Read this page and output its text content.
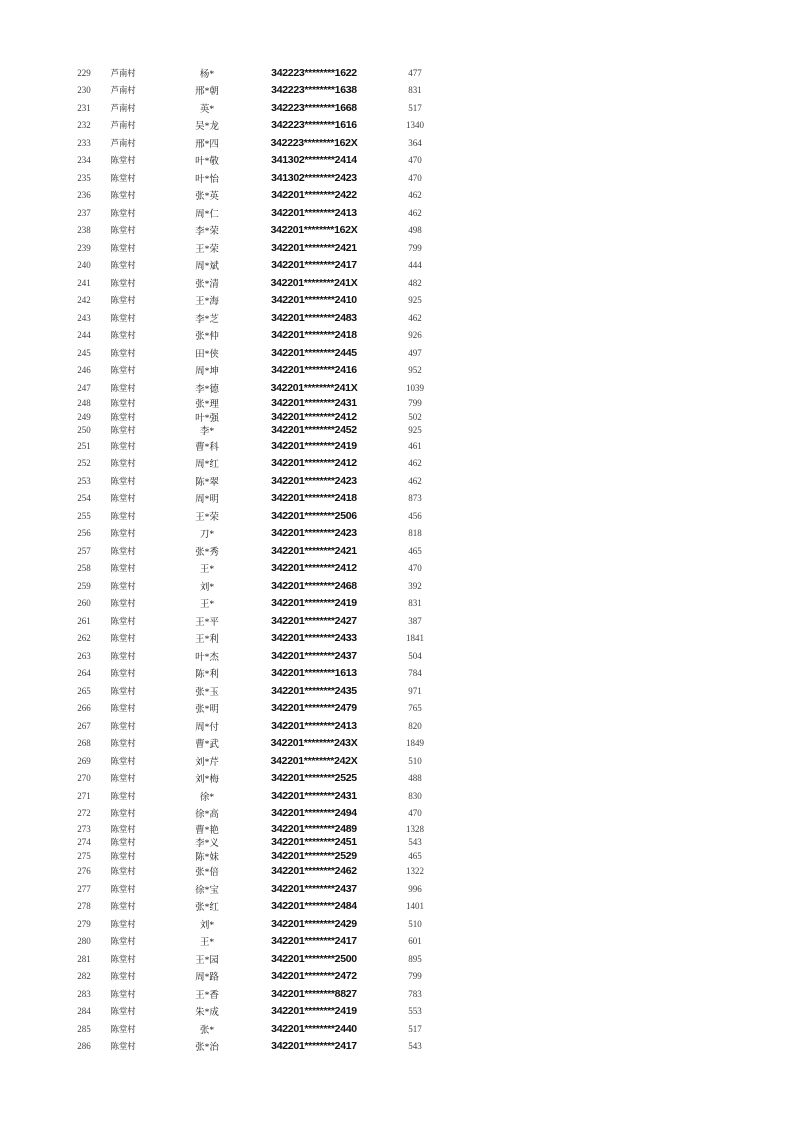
229 芦南村	杨*	342223********1622	477
230 芦南村	邢*朝	342223********1638	831
231 芦南村	英*	342223********1668	517
232 芦南村	吴*龙	342223********1616	1340
233 芦南村	邢*四	342223********162X	364
234 陈堂村	叶*敬	341302********2414	470
235 陈堂村	叶*怡	341302********2423	470
236 陈堂村	张*英	342201********2422	462
237 陈堂村	周*仁	342201********2413	462
238 陈堂村	李*荣	342201********162X	498
239 陈堂村	王*荣	342201********2421	799
240 陈堂村	周*斌	342201********2417	444
241 陈堂村	张*清	342201********241X	482
242 陈堂村	王*海	342201********2410	925
243 陈堂村	李*芝	342201********2483	462
244 陈堂村	张*仲	342201********2418	926
245 陈堂村	田*侠	342201********2445	497
246 陈堂村	周*坤	342201********2416	952
247 陈堂村	李*德	342201********241X	1039
248 陈堂村	张*理	342201********2431	799
249 陈堂村	叶*强	342201********2412	502
250 陈堂村	李*	342201********2452	925
251 陈堂村	曹*科	342201********2419	461
252 陈堂村	周*红	342201********2412	462
253 陈堂村	陈*翠	342201********2423	462
254 陈堂村	周*明	342201********2418	873
255 陈堂村	王*荣	342201********2506	456
256 陈堂村	刀*	342201********2423	818
257 陈堂村	张*秀	342201********2421	465
258 陈堂村	王*	342201********2412	470
259 陈堂村	刘*	342201********2468	392
260 陈堂村	王*	342201********2419	831
261 陈堂村	王*平	342201********2427	387
262 陈堂村	王*利	342201********2433	1841
263 陈堂村	叶*杰	342201********2437	504
264 陈堂村	陈*利	342201********1613	784
265 陈堂村	张*玉	342201********2435	971
266 陈堂村	张*明	342201********2479	765
267 陈堂村	周*付	342201********2413	820
268 陈堂村	曹*武	342201********243X	1849
269 陈堂村	刘*芹	342201********242X	510
270 陈堂村	刘*梅	342201********2525	488
271 陈堂村	徐*	342201********2431	830
272 陈堂村	徐*高	342201********2494	470
273 陈堂村	曹*艳	342201********2489	1328
274 陈堂村	李*义	342201********2451	543
275 陈堂村	陈*妹	342201********2529	465
276 陈堂村	张*倍	342201********2462	1322
277 陈堂村	徐*宝	342201********2437	996
278 陈堂村	张*红	342201********2484	1401
279 陈堂村	刘*	342201********2429	510
280 陈堂村	王*	342201********2417	601
281 陈堂村	王*园	342201********2500	895
282 陈堂村	周*路	342201********2472	799
283 陈堂村	王*香	342201********8827	783
284 陈堂村	朱*成	342201********2419	553
285 陈堂村	张*	342201********2440	517
286 陈堂村	张*治	342201********2417	543
